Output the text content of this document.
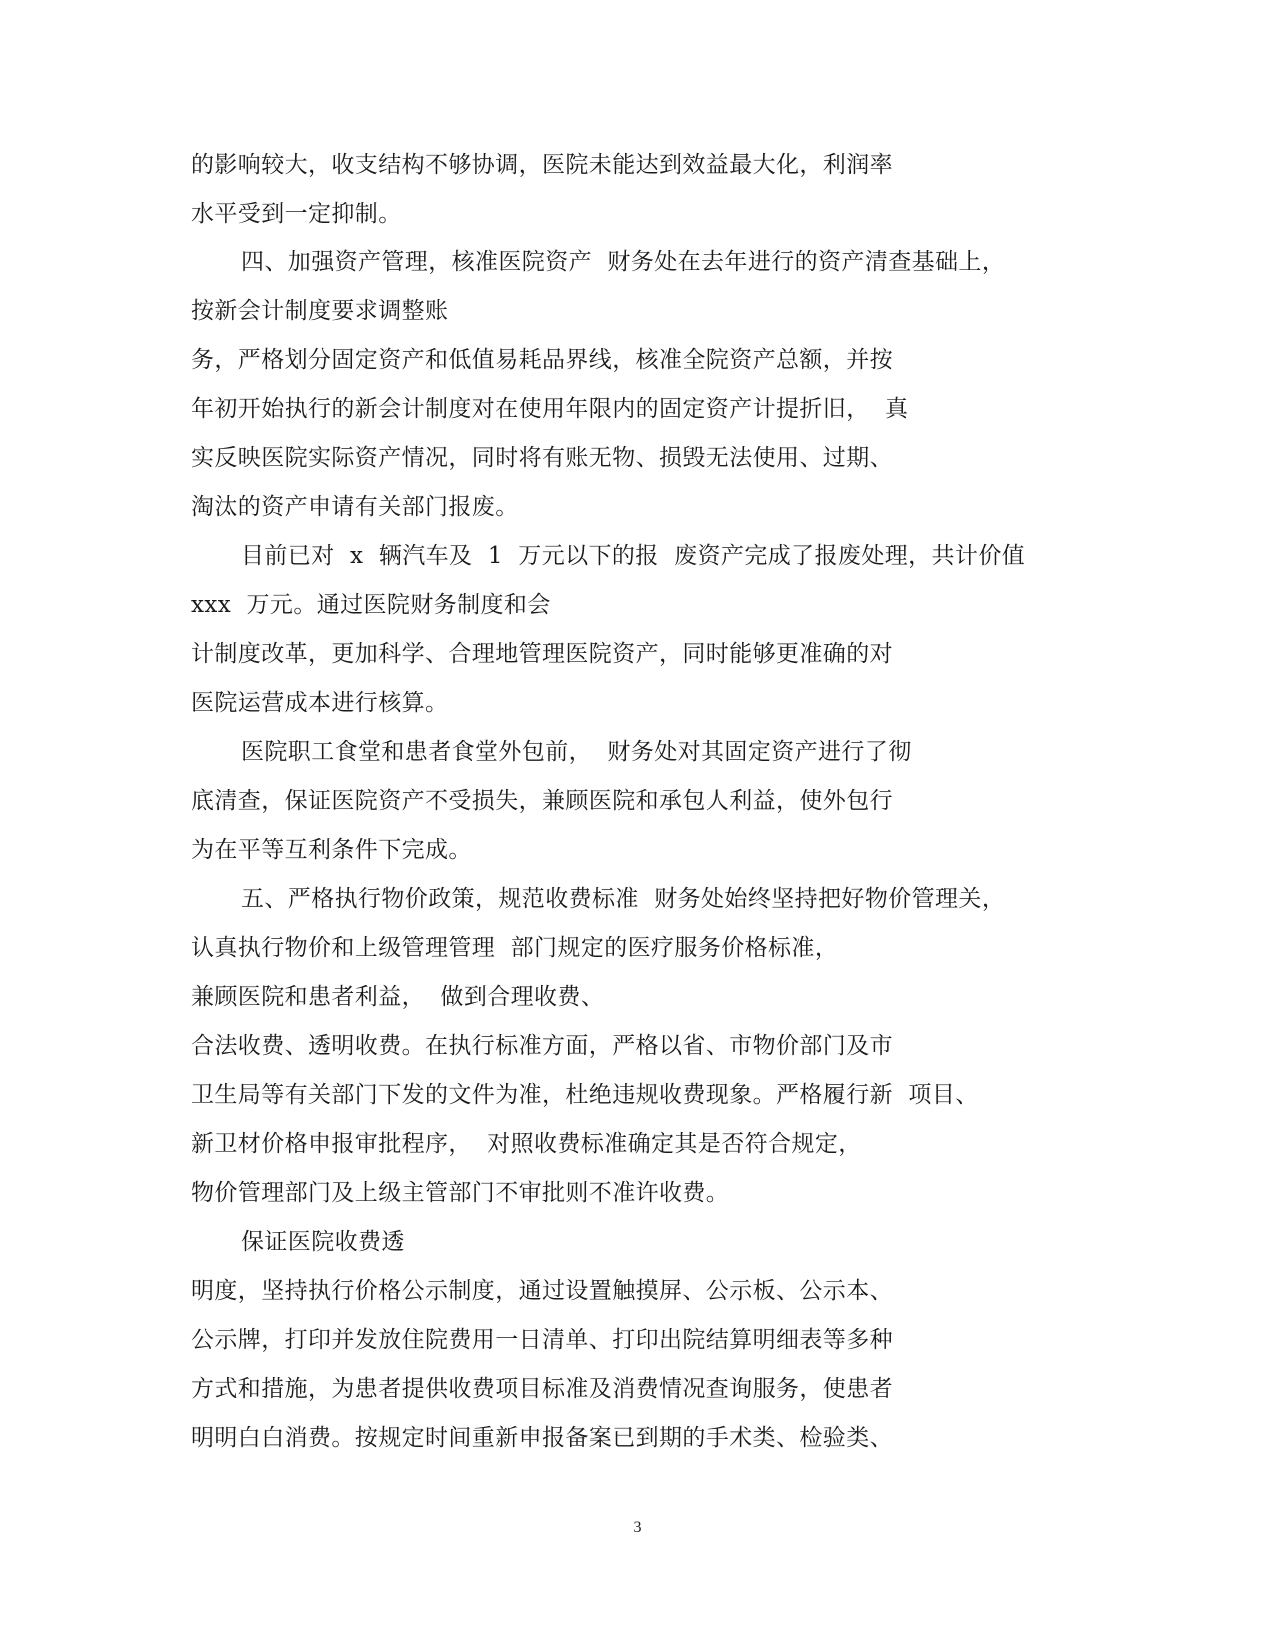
的影响较大，收支结构不够协调，医院未能达到效益最大化，利润率
水平受到一定抑制。
四、加强资产管理，核准医院资产  财务处在去年进行的资产清查基础上，
按新会计制度要求调整账
务，严格划分固定资产和低值易耗品界线，核准全院资产总额，并按
年初开始执行的新会计制度对在使用年限内的固定资产计提折旧，  真
实反映医院实际资产情况，同时将有账无物、损毁无法使用、过期、
淘汰的资产申请有关部门报废。
目前已对  x  辆汽车及  1  万元以下的报  废资产完成了报废处理，共计价值
xxx  万元。通过医院财务制度和会
计制度改革，更加科学、合理地管理医院资产，同时能够更准确的对
医院运营成本进行核算。
医院职工食堂和患者食堂外包前，  财务处对其固定资产进行了彻
底清查，保证医院资产不受损失，兼顾医院和承包人利益，使外包行
为在平等互利条件下完成。
五、严格执行物价政策，规范收费标准  财务处始终坚持把好物价管理关，
认真执行物价和上级管理管理  部门规定的医疗服务价格标准，
兼顾医院和患者利益，  做到合理收费、
合法收费、透明收费。在执行标准方面，严格以省、市物价部门及市
卫生局等有关部门下发的文件为准，杜绝违规收费现象。严格履行新  项目、
新卫材价格申报审批程序，  对照收费标准确定其是否符合规定，
物价管理部门及上级主管部门不审批则不准许收费。
保证医院收费透
明度，坚持执行价格公示制度，通过设置触摸屏、公示板、公示本、
公示牌，打印并发放住院费用一日清单、打印出院结算明细表等多种
方式和措施，为患者提供收费项目标准及消费情况查询服务，使患者
明明白白消费。按规定时间重新申报备案已到期的手术类、检验类、
3
